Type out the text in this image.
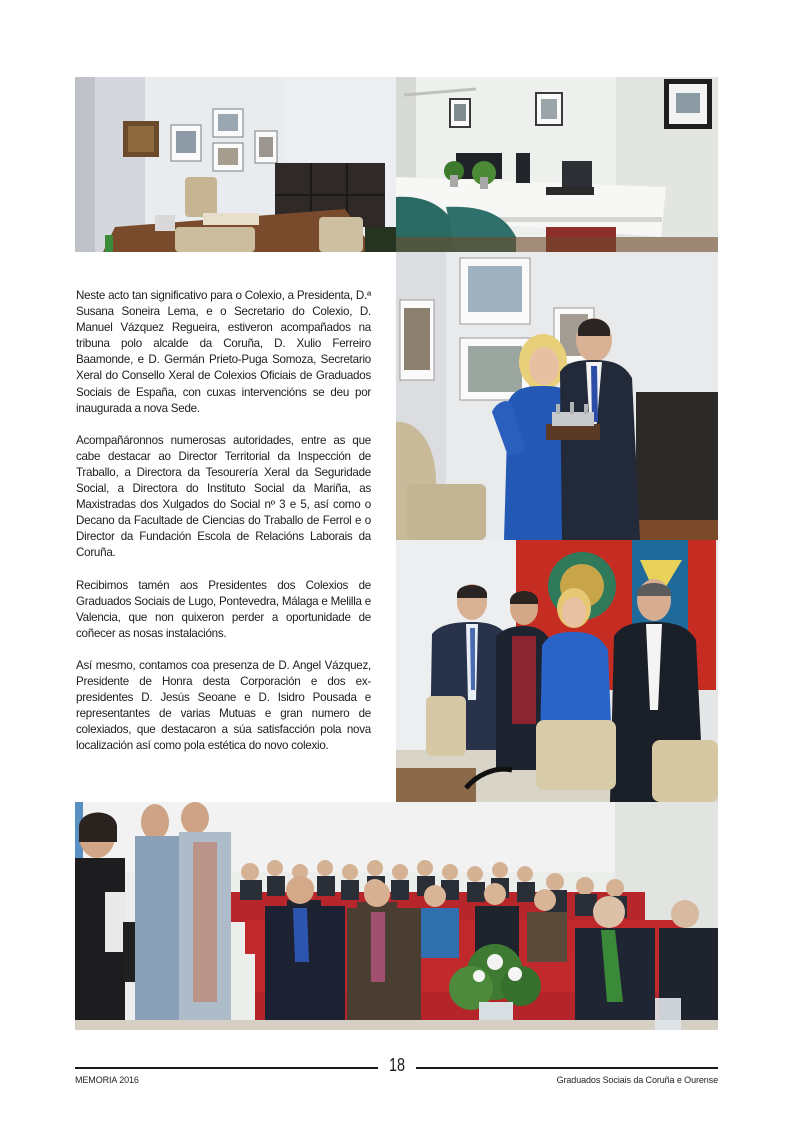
Neste acto tan significativo para o Colexio, a Presidenta, D.ª Susana Soneira Lema, e o Secretario do Colexio, D. Manuel Vázquez Regueira, estiveron acompañados na tribuna polo alcalde da Coruña, D. Xulio Ferreiro Baamonde, e D. Germán Prieto-Puga Somoza, Secretario Xeral do Consello Xeral de Colexios Oficiais de Graduados Sociais de España, con cuxas intervencións se deu por inaugurada a nova Sede.

Acompañáronnos numerosas autoridades, entre as que cabe destacar ao Director Territorial da Inspección de Traballo, a Directora da Tesourería Xeral da Seguridade Social, a Directora do Instituto Social da Mariña, as Maxistradas dos Xulgados do Social nº 3 e 5, así como o Decano da Facultade de Ciencias do Traballo de Ferrol e o Director da Fundación Escola de Relacións Laborais da Coruña.

Recibimos tamén aos Presidentes dos Colexios de Graduados Sociais de Lugo, Pontevedra, Málaga e Melilla e Valencia, que non quixeron perder a oportunidade de coñecer as nosas instalacións.

Así mesmo, contamos coa presenza de D. Angel Vázquez, Presidente de Honra desta Corporación e dos ex-presidentes D. Jesús Seoane e D. Isidro Pousada e representantes de varias Mutuas e gran numero de colexiados, que destacaron a súa satisfacción pola nova localización así como pola estética do novo colexio.

18
MEMORIA 2016	Graduados Sociais da Coruña e Ourense
